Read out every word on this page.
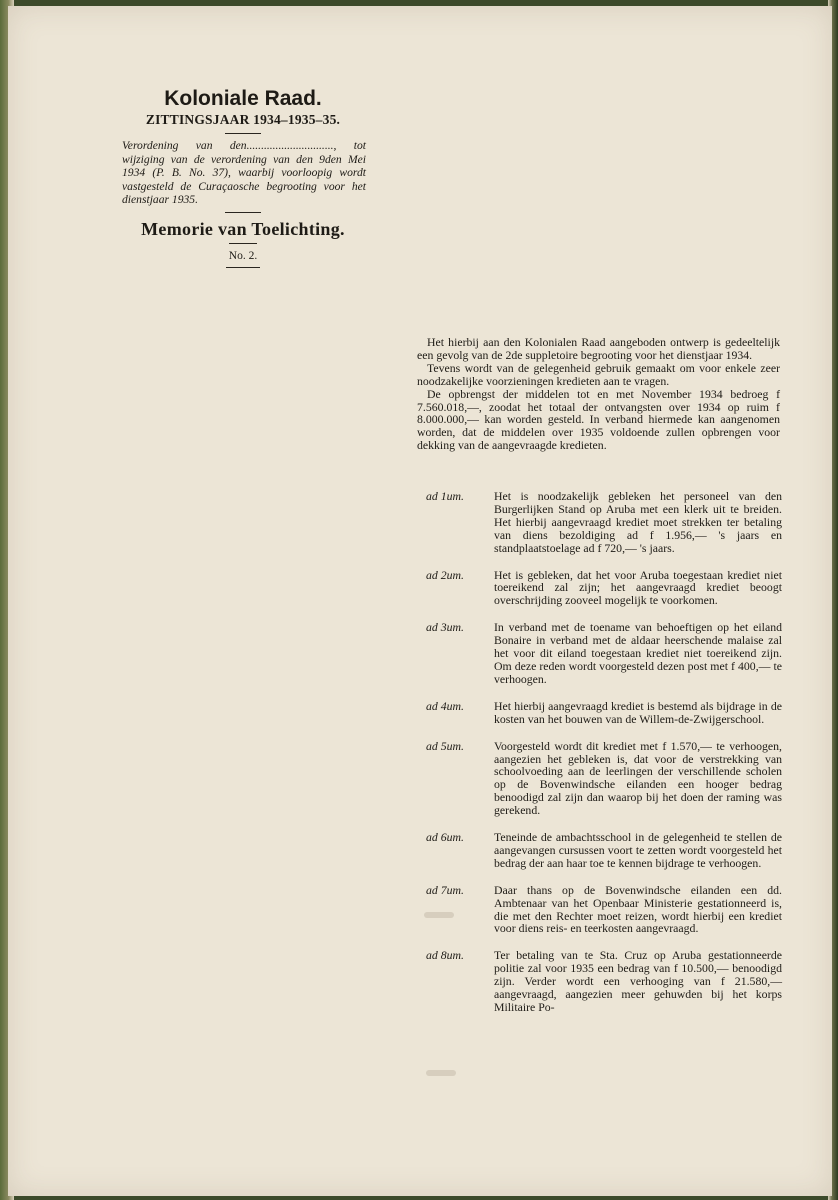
Koloniale Raad.
ZITTINGSJAAR 1934–1935–35.
Verordening van den.............................., tot wijziging van de verordening van den 9den Mei 1934 (P. B. No. 37), waarbij voorloopig wordt vastgesteld de Curaçaosche begrooting voor het dienstjaar 1935.
Memorie van Toelichting.
No. 2.

Het hierbij aan den Kolonialen Raad aangeboden ontwerp is gedeeltelijk een gevolg van de 2de suppletoire begrooting voor het dienstjaar 1934.

Tevens wordt van de gelegenheid gebruik gemaakt om voor enkele zeer noodzakelijke voorzieningen kredieten aan te vragen.

De opbrengst der middelen tot en met November 1934 bedroeg f 7.560.018,—, zoodat het totaal der ontvangsten over 1934 op ruim f 8.000.000,— kan worden gesteld. In verband hiermede kan aangenomen worden, dat de middelen over 1935 voldoende zullen opbrengen voor dekking van de aangevraagde kredieten.

ad 1um.	Het is noodzakelijk gebleken het personeel van den Burgerlijken Stand op Aruba met een klerk uit te breiden. Het hierbij aangevraagd krediet moet strekken ter betaling van diens bezoldiging ad f 1.956,— 's jaars en standplaatstoelage ad f 720,— 's jaars.
ad 2um.	Het is gebleken, dat het voor Aruba toegestaan krediet niet toereikend zal zijn; het aangevraagd krediet beoogt overschrijding zooveel mogelijk te voorkomen.
ad 3um.	In verband met de toename van behoeftigen op het eiland Bonaire in verband met de aldaar heerschende malaise zal het voor dit eiland toegestaan krediet niet toereikend zijn. Om deze reden wordt voorgesteld dezen post met f 400,— te verhoogen.
ad 4um.	Het hierbij aangevraagd krediet is bestemd als bijdrage in de kosten van het bouwen van de Willem-de-Zwijgerschool.
ad 5um.	Voorgesteld wordt dit krediet met f 1.570,— te verhoogen, aangezien het gebleken is, dat voor de verstrekking van schoolvoeding aan de leerlingen der verschillende scholen op de Bovenwindsche eilanden een hooger bedrag benoodigd zal zijn dan waarop bij het doen der raming was gerekend.
ad 6um.	Teneinde de ambachtsschool in de gelegenheid te stellen de aangevangen cursussen voort te zetten wordt voorgesteld het bedrag der aan haar toe te kennen bijdrage te verhoogen.
ad 7um.	Daar thans op de Bovenwindsche eilanden een dd. Ambtenaar van het Openbaar Ministerie gestationneerd is, die met den Rechter moet reizen, wordt hierbij een krediet voor diens reis- en teerkosten aangevraagd.
ad 8um.	Ter betaling van te Sta. Cruz op Aruba gestationneerde politie zal voor 1935 een bedrag van f 10.500,— benoodigd zijn. Verder wordt een verhooging van f 21.580,— aangevraagd, aangezien meer gehuwden bij het korps Militaire Po-
